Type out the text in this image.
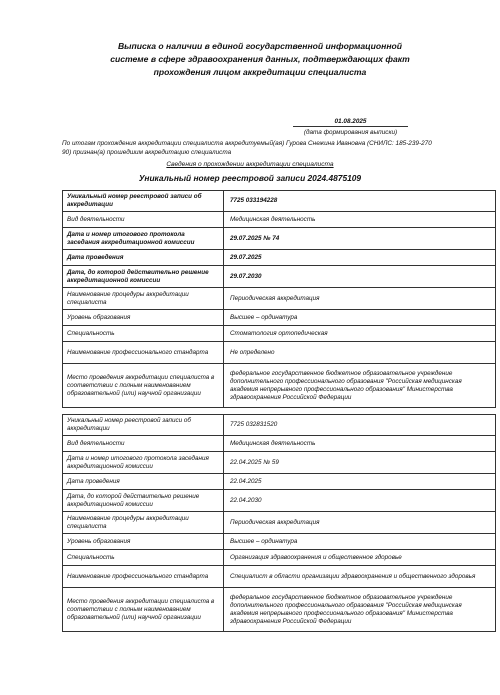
Выписка о наличии в единой государственной информационной
системе в сфере здравоохранения данных, подтверждающих факт
прохождения лицом аккредитации специалиста
01.08.2025
(дата формирования выписки)
По итогам прохождения аккредитации специалиста аккредитуемый(ая) Гурова Снежина Ивановна (СНИЛС: 185-239-270 90) признан(а) прошедшим аккредитацию специалиста
Сведения о прохождении аккредитации специалиста
Уникальный номер реестровой записи 2024.4875109
Уникальный номер реестровой записи об аккредитации	7725 033194228
Вид деятельности	Медицинская деятельность
Дата и номер итогового протокола заседания аккредитационной комиссии	29.07.2025 № 74
Дата проведения	29.07.2025
Дата, до которой действительно решение аккредитационной комиссии	29.07.2030
Наименование процедуры аккредитации специалиста	Периодическая аккредитация
Уровень образования	Высшее – ординатура
Специальность	Стоматология ортопедическая
Наименование профессионального стандарта	Не определено
Место проведения аккредитации специалиста в соответствии с полным наименованием образовательной (или) научной организации	федеральное государственное бюджетное образовательное учреждение дополнительного профессионального образования "Российская медицинская академия непрерывного профессионального образования" Министерства здравоохранения Российской Федерации
Уникальный номер реестровой записи об аккредитации	7725 032831520
Вид деятельности	Медицинская деятельность
Дата и номер итогового протокола заседания аккредитационной комиссии	22.04.2025 № 59
Дата проведения	22.04.2025
Дата, до которой действительно решение аккредитационной комиссии	22.04.2030
Наименование процедуры аккредитации специалиста	Периодическая аккредитация
Уровень образования	Высшее – ординатура
Специальность	Организация здравоохранения и общественное здоровье
Наименование профессионального стандарта	Специалист в области организации здравоохранения и общественного здоровья
Место проведения аккредитации специалиста в соответствии с полным наименованием образовательной (или) научной организации	федеральное государственное бюджетное образовательное учреждение дополнительного профессионального образования "Российская медицинская академия непрерывного профессионального образования" Министерства здравоохранения Российской Федерации
